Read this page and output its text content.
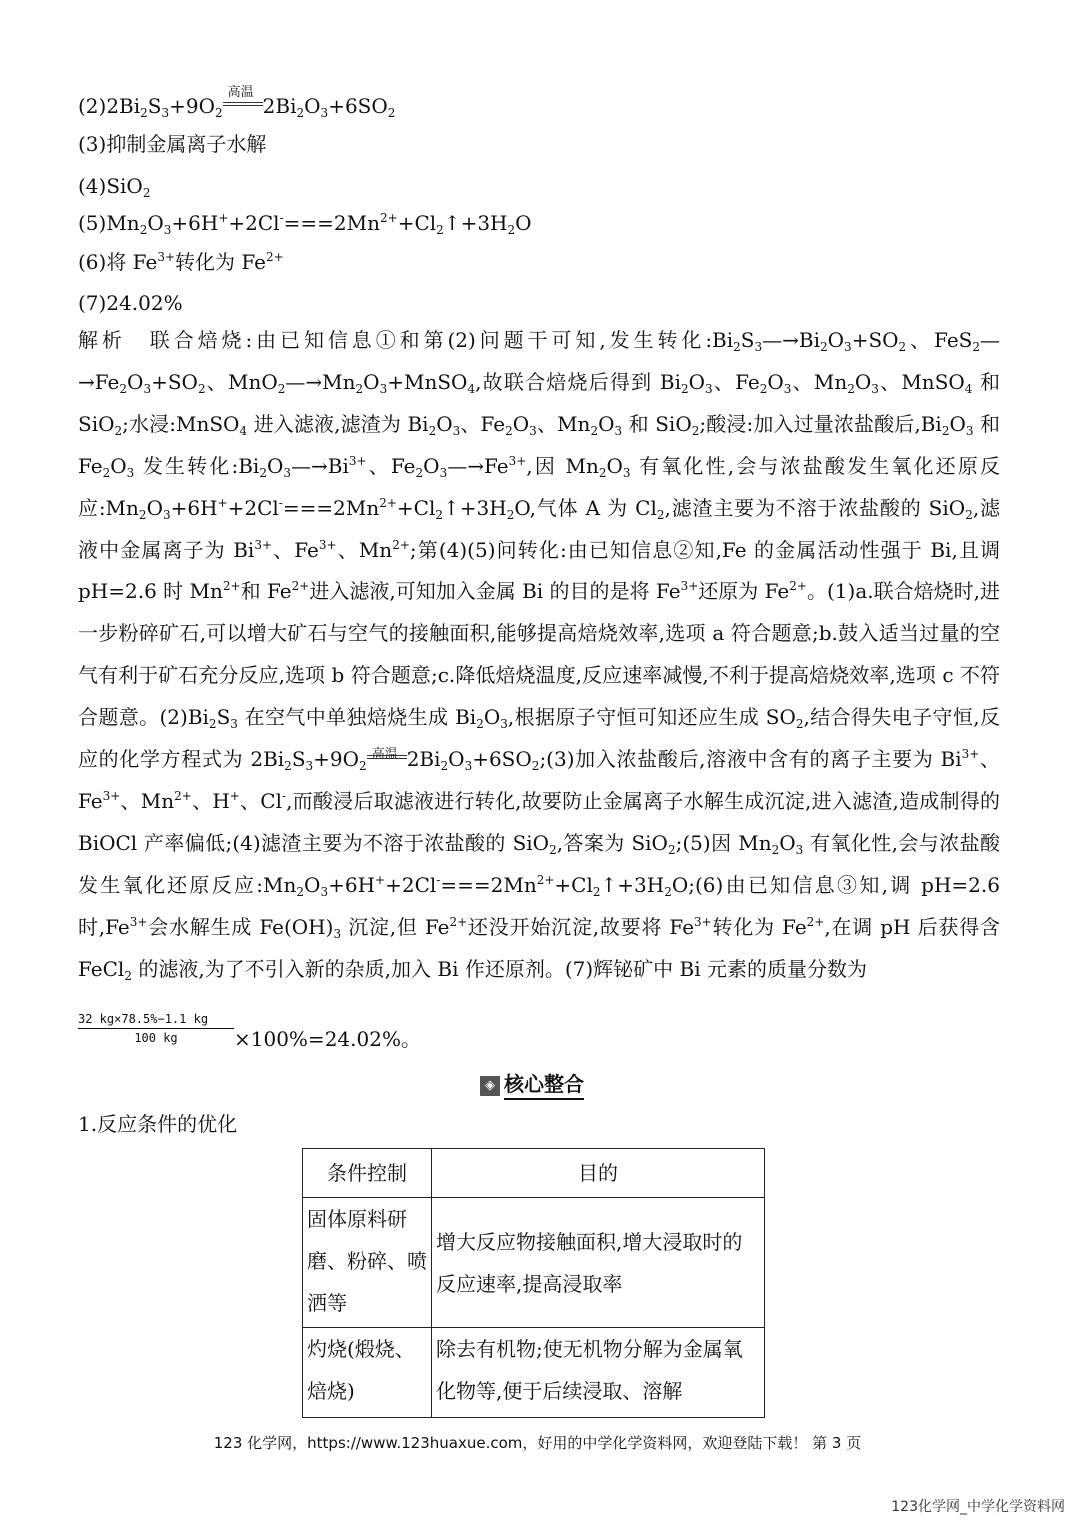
$(2)2Bi_2S_3+9O_2$
高温
$2Bi_2O_3+6SO_2$
(3)抑制金属离子水解
(4)SiO$_2$
$(5)Mn_2O_3+6H^++2Cl^-===2Mn^{2+}+Cl_2↑+3H_2O$
(6)将 $Fe^{3+}$转化为 $Fe^{2+}$
(7)24.02%

解析　联合焙烧:由已知信息①和第(2)问题干可知,发生转化$:Bi_2S_3—\to Bi_2O_3+SO_2$、$FeS_2—\to Fe_2O_3+SO_2$、$MnO_2—\to Mn_2O_3+MnSO_4$,故联合焙烧后得到 $Bi_2O_3$、$Fe_2O_3$、$Mn_2O_3$、MnSO$_4$ 和 SiO$_2$;水浸:MnSO$_4$ 进入滤液,滤渣为 $Bi_2O_3$、$Fe_2O_3$、$Mn_2O_3$ 和 SiO$_2$;酸浸:加入过量浓盐酸后$,Bi_2O_3$ 和 $Fe_2O_3$ 发生转化$:Bi_2O_3—\to Bi^{3+}$、$Fe_2O_3—\to Fe^{3+}$,因 $Mn_2O_3$ 有氧化性,会与浓盐酸发生氧化还原反应$:Mn_2O_3+6H^++2Cl^-===2Mn^{2+}+Cl_2↑+3H_2O$,气体 A 为 $Cl_2$,滤渣主要为不溶于浓盐酸的 SiO$_2$,滤液中金属离子为 $Bi^{3+}$、$Fe^{3+}$、$Mn^{2+}$;第(4)(5)问转化:由已知信息②知,Fe 的金属活动性强于 Bi,且调 pH=2.6 时 $Mn^{2+}$和 $Fe^{2+}$进入滤液,可知加入金属 Bi 的目的是将 $Fe^{3+}$还原为 $Fe^{2+}$。(1)a.联合焙烧时,进一步粉碎矿石,可以增大矿石与空气的接触面积,能够提高焙烧效率,选项 a 符合题意;b.鼓入适当过量的空气有利于矿石充分反应,选项 b 符合题意;c.降低焙烧温度,反应速率减慢,不利于提高焙烧效率,选项 c 不符合题意。$(2)Bi_2S_3$ 在空气中单独焙烧生成 $Bi_2O_3$,根据原子守恒可知还应生成 $SO_2$,结合得失电子守恒,反应的化学方程式为 $2Bi_2S_3+9O_2$
高温 $2Bi_2O_3+6SO_2;(3)$加入浓盐酸后,溶液中含有的离子主要为 $Bi^{3+}$、$Fe^{3+}$、$Mn^{2+}$、H+、Cl-,而酸浸后取滤液进行转化,故要防止金属离子水解生成沉淀,进入滤渣,造成制得的 BiOCl 产率偏低;(4)滤渣主要为不溶于浓盐酸的 SiO$_2$,答案为 SiO$_2$;(5)因 $Mn_2O_3$ 有氧化性,会与浓盐酸发生氧化还原反应$:Mn_2O_3+6H^++2Cl^-===2Mn^{2+}+Cl_2↑+3H_2O;(6)$由已知信息③知,调 pH=2.6 时$,Fe^{3+}$会水解生成 $Fe(OH)_3$ 沉淀,但 $Fe^{2+}$还没开始沉淀,故要将 $Fe^{3+}$转化为 $Fe^{2+}$,在调 pH 后获得含 FeCl$_2$ 的滤液,为了不引入新的杂质,加入 Bi 作还原剂。(7)辉铋矿中 Bi 元素的质量分数为

32 kg×78.5%−1.1 kg
100 kg	×100%=24.02%。
◈ 核心整合
1.反应条件的优化
条件控制	目的
固体原料研磨、粉碎、喷洒等	增大反应物接触面积,增大浸取时的反应速率,提高浸取率
灼烧(煅烧、焙烧)	除去有机物;使无机物分解为金属氧化物等,便于后续浸取、溶解
123 化学网，https://www.123huaxue.com，好用的中学化学资料网，欢迎登陆下载！ 第 3 页
123化学网_中学化学资料网
